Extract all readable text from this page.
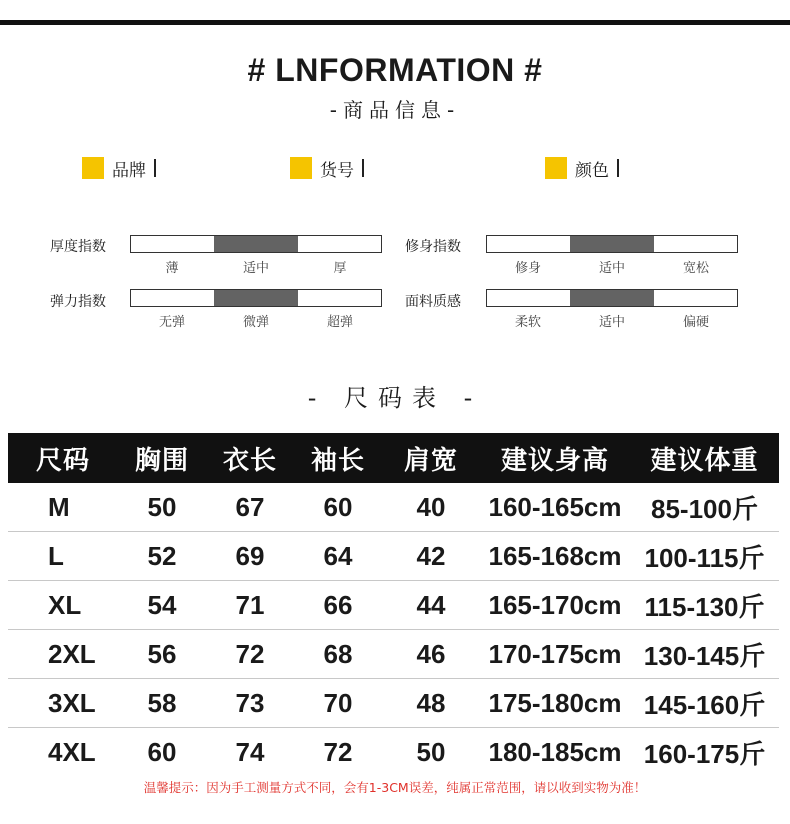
# LNFORMATION #
-商品信息-
品牌	货号	颜色
厚度指数
薄	适中	厚
修身指数
修身	适中	宽松
弹力指数
无弹	微弹	超弹
面料质感
柔软	适中	偏硬
- 尺码表 -
尺码	胸围	衣长	袖长	肩宽	建议身高	建议体重
M	50	67	60	40	160-165cm	85-100斤
L	52	69	64	42	165-168cm	100-115斤
XL	54	71	66	44	165-170cm	115-130斤
2XL	56	72	68	46	170-175cm	130-145斤
3XL	58	73	70	48	175-180cm	145-160斤
4XL	60	74	72	50	180-185cm	160-175斤
温馨提示：因为手工测量方式不同，会有1-3CM误差，纯属正常范围，请以收到实物为准！
